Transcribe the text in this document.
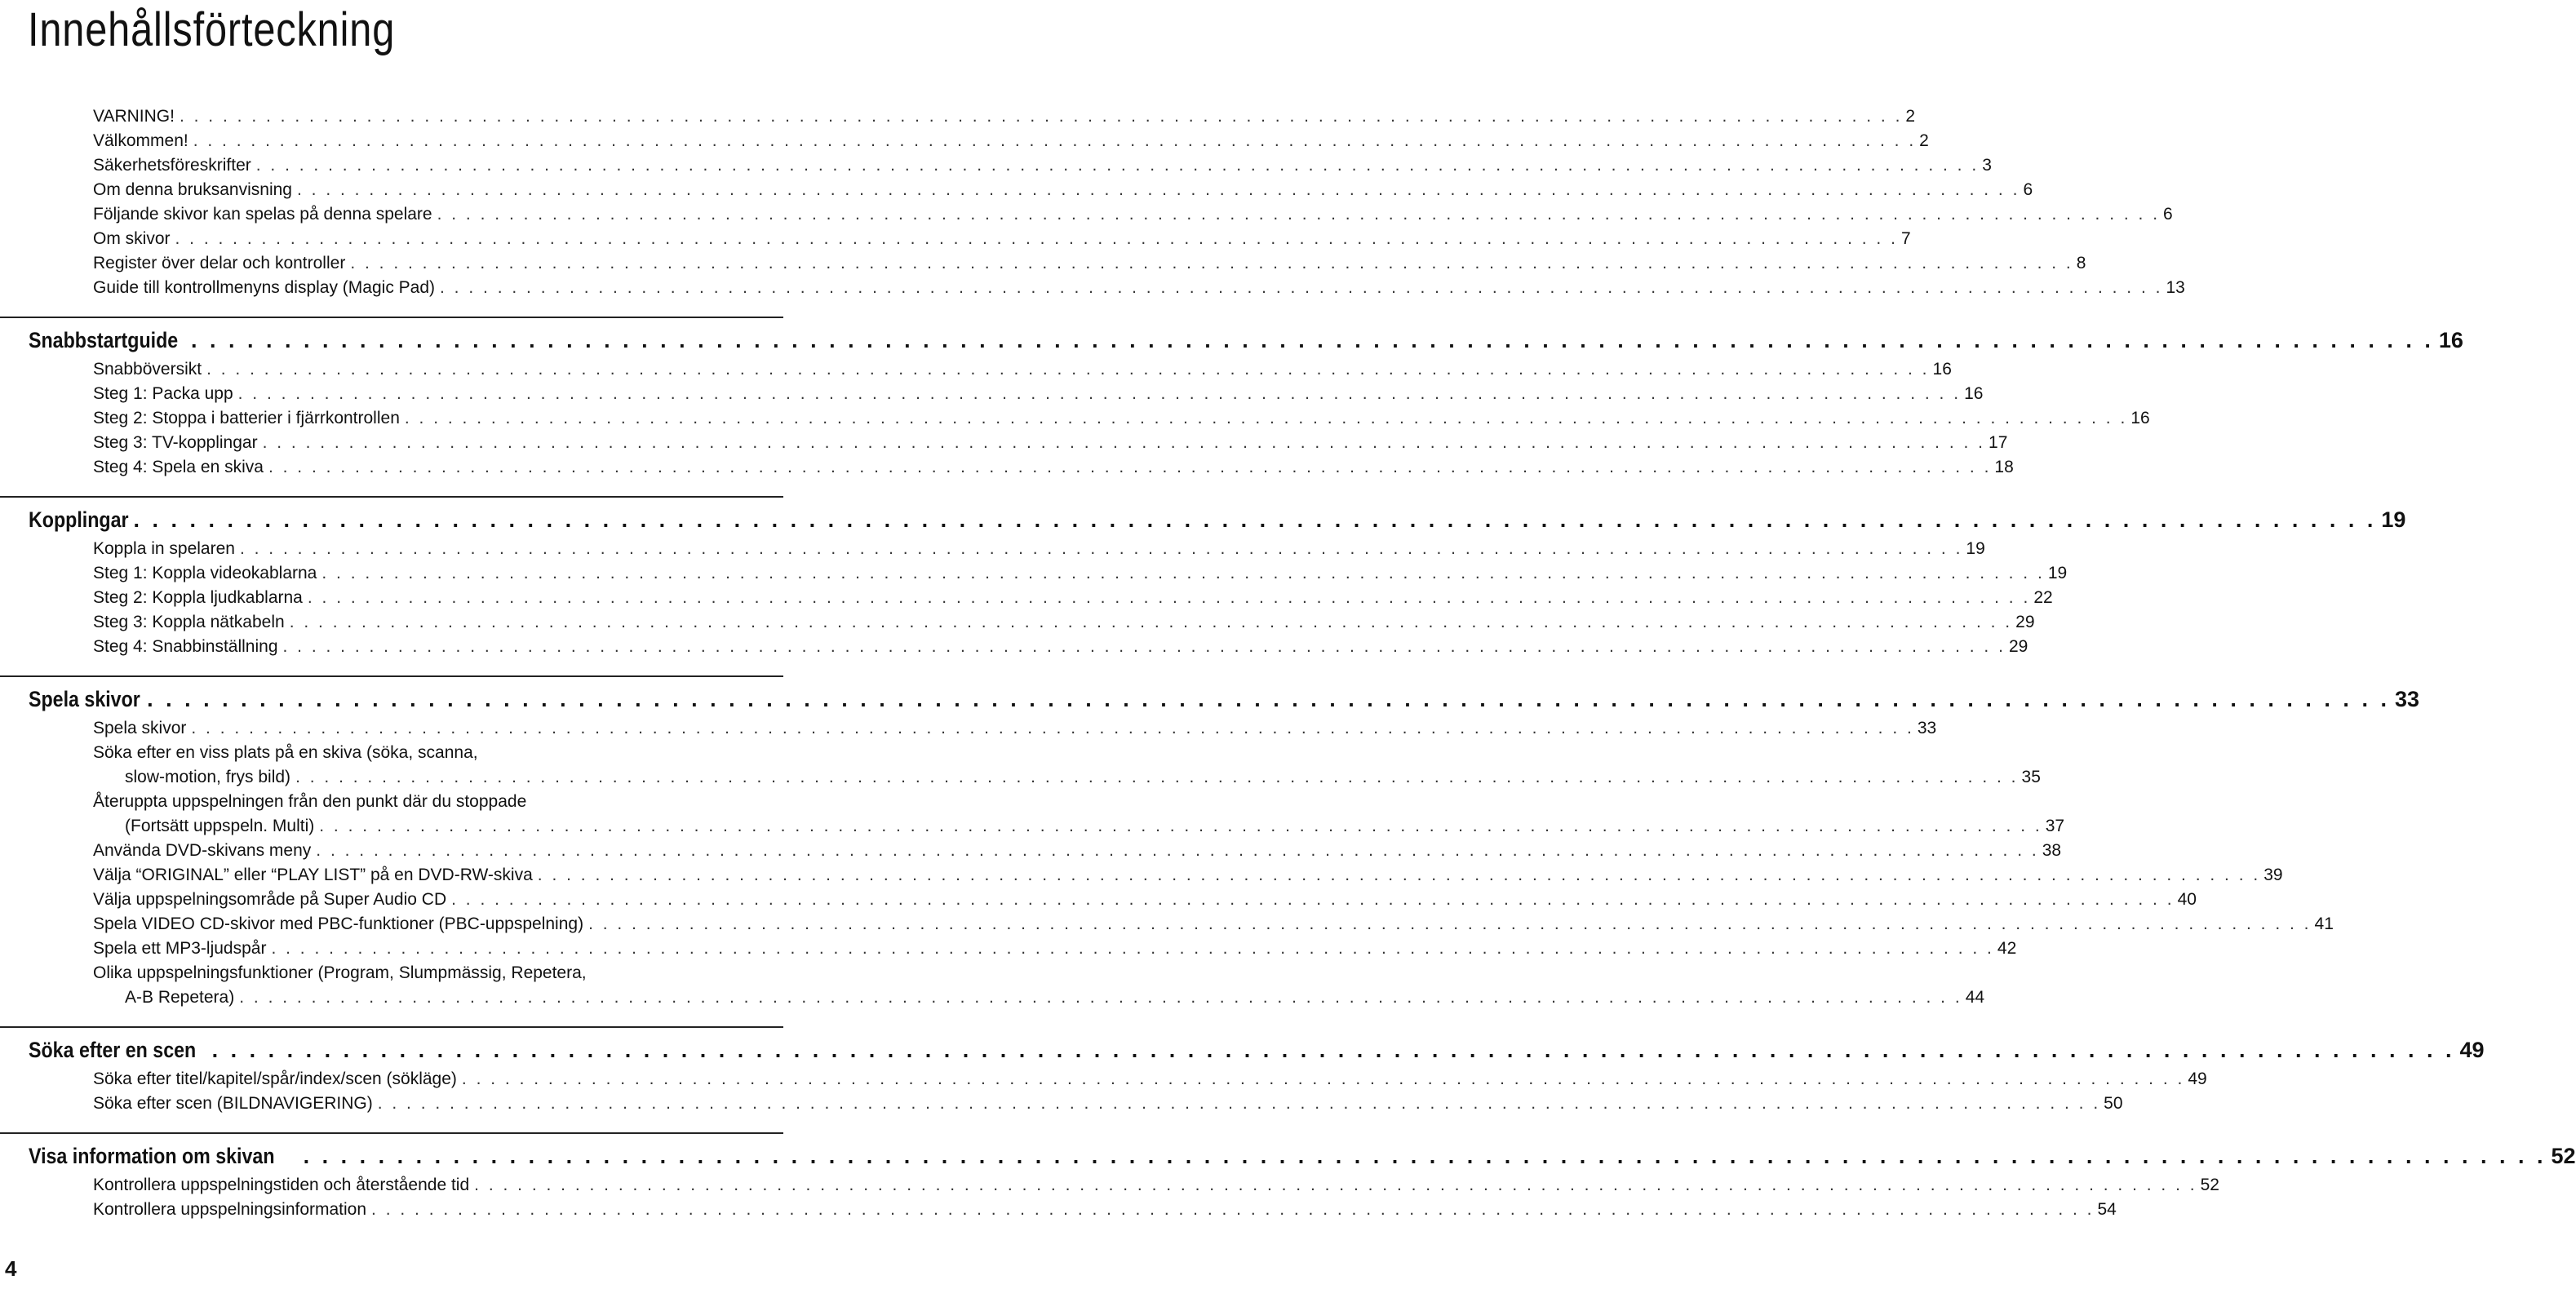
Innehållsförteckning
VARNING! . . . . . . . . . . . . . . . . . . . . . . . . . . . . . . . . . . . . . . . . . . . . . . . . . . . . . . . . . . . . . . . . . . . . . . . . . . . . . . . . . . . . . . . . . . . . . . . . . . . . . . . . . . . . . . . . . . . . . . . . 2
Välkommen! . . . . . . . . . . . . . . . . . . . . . . . . . . . . . . . . . . . . . . . . . . . . . . . . . . . . . . . . . . . . . . . . . . . . . . . . . . . . . . . . . . . . . . . . . . . . . . . . . . . . . . . . . . . . . . . . . . . . . . . . 2
Säkerhetsföreskrifter . . . . . . . . . . . . . . . . . . . . . . . . . . . . . . . . . . . . . . . . . . . . . . . . . . . . . . . . . . . . . . . . . . . . . . . . . . . . . . . . . . . . . . . . . . . . . . . . . . . . . . . . . . . . . . . . . . . . . . . . 3
Om denna bruksanvisning . . . . . . . . . . . . . . . . . . . . . . . . . . . . . . . . . . . . . . . . . . . . . . . . . . . . . . . . . . . . . . . . . . . . . . . . . . . . . . . . . . . . . . . . . . . . . . . . . . . . . . . . . . . . . . . . . . . . . . . . 6
Följande skivor kan spelas på denna spelare . . . . . . . . . . . . . . . . . . . . . . . . . . . . . . . . . . . . . . . . . . . . . . . . . . . . . . . . . . . . . . . . . . . . . . . . . . . . . . . . . . . . . . . . . . . . . . . . . . . . . . . . . . . . . . . . . . . . . . . . 6
Om skivor . . . . . . . . . . . . . . . . . . . . . . . . . . . . . . . . . . . . . . . . . . . . . . . . . . . . . . . . . . . . . . . . . . . . . . . . . . . . . . . . . . . . . . . . . . . . . . . . . . . . . . . . . . . . . . . . . . . . . . . . 7
Register över delar och kontroller . . . . . . . . . . . . . . . . . . . . . . . . . . . . . . . . . . . . . . . . . . . . . . . . . . . . . . . . . . . . . . . . . . . . . . . . . . . . . . . . . . . . . . . . . . . . . . . . . . . . . . . . . . . . . . . . . . . . . . . . 8
Guide till kontrollmenyns display (Magic Pad) . . . . . . . . . . . . . . . . . . . . . . . . . . . . . . . . . . . . . . . . . . . . . . . . . . . . . . . . . . . . . . . . . . . . . . . . . . . . . . . . . . . . . . . . . . . . . . . . . . . . . . . . . . . . . . . . . . . . . . . . 13
Snabbstartguide . . . . . . . . . . . . . . . . . . . . . . . . . . . . . . . . . . . . . . . . . . . . . . . . . . . . . . . . . . . . . . . . . . . . . . . . . . . . . . . . . . . . . . . . . . . . . . . . . . . . . . . . . . . . . . . . . . . . . . . . 16
Snabböversikt . . . . . . . . . . . . . . . . . . . . . . . . . . . . . . . . . . . . . . . . . . . . . . . . . . . . . . . . . . . . . . . . . . . . . . . . . . . . . . . . . . . . . . . . . . . . . . . . . . . . . . . . . . . . . . . . . . . . . . . . 16
Steg 1: Packa upp . . . . . . . . . . . . . . . . . . . . . . . . . . . . . . . . . . . . . . . . . . . . . . . . . . . . . . . . . . . . . . . . . . . . . . . . . . . . . . . . . . . . . . . . . . . . . . . . . . . . . . . . . . . . . . . . . . . . . . . . 16
Steg 2: Stoppa i batterier i fjärrkontrollen . . . . . . . . . . . . . . . . . . . . . . . . . . . . . . . . . . . . . . . . . . . . . . . . . . . . . . . . . . . . . . . . . . . . . . . . . . . . . . . . . . . . . . . . . . . . . . . . . . . . . . . . . . . . . . . . . . . . . . . . 16
Steg 3: TV-kopplingar . . . . . . . . . . . . . . . . . . . . . . . . . . . . . . . . . . . . . . . . . . . . . . . . . . . . . . . . . . . . . . . . . . . . . . . . . . . . . . . . . . . . . . . . . . . . . . . . . . . . . . . . . . . . . . . . . . . . . . . . 17
Steg 4: Spela en skiva . . . . . . . . . . . . . . . . . . . . . . . . . . . . . . . . . . . . . . . . . . . . . . . . . . . . . . . . . . . . . . . . . . . . . . . . . . . . . . . . . . . . . . . . . . . . . . . . . . . . . . . . . . . . . . . . . . . . . . . . 18
Kopplingar . . . . . . . . . . . . . . . . . . . . . . . . . . . . . . . . . . . . . . . . . . . . . . . . . . . . . . . . . . . . . . . . . . . . . . . . . . . . . . . . . . . . . . . . . . . . . . . . . . . . . . . . . . . . . . . . . . . . . . . . 19
Koppla in spelaren . . . . . . . . . . . . . . . . . . . . . . . . . . . . . . . . . . . . . . . . . . . . . . . . . . . . . . . . . . . . . . . . . . . . . . . . . . . . . . . . . . . . . . . . . . . . . . . . . . . . . . . . . . . . . . . . . . . . . . . . 19
Steg 1: Koppla videokablarna . . . . . . . . . . . . . . . . . . . . . . . . . . . . . . . . . . . . . . . . . . . . . . . . . . . . . . . . . . . . . . . . . . . . . . . . . . . . . . . . . . . . . . . . . . . . . . . . . . . . . . . . . . . . . . . . . . . . . . . . 19
Steg 2: Koppla ljudkablarna . . . . . . . . . . . . . . . . . . . . . . . . . . . . . . . . . . . . . . . . . . . . . . . . . . . . . . . . . . . . . . . . . . . . . . . . . . . . . . . . . . . . . . . . . . . . . . . . . . . . . . . . . . . . . . . . . . . . . . . . 22
Steg 3: Koppla nätkabeln . . . . . . . . . . . . . . . . . . . . . . . . . . . . . . . . . . . . . . . . . . . . . . . . . . . . . . . . . . . . . . . . . . . . . . . . . . . . . . . . . . . . . . . . . . . . . . . . . . . . . . . . . . . . . . . . . . . . . . . . 29
Steg 4: Snabbinställning . . . . . . . . . . . . . . . . . . . . . . . . . . . . . . . . . . . . . . . . . . . . . . . . . . . . . . . . . . . . . . . . . . . . . . . . . . . . . . . . . . . . . . . . . . . . . . . . . . . . . . . . . . . . . . . . . . . . . . . . 29
Spela skivor . . . . . . . . . . . . . . . . . . . . . . . . . . . . . . . . . . . . . . . . . . . . . . . . . . . . . . . . . . . . . . . . . . . . . . . . . . . . . . . . . . . . . . . . . . . . . . . . . . . . . . . . . . . . . . . . . . . . . . . . 33
Spela skivor . . . . . . . . . . . . . . . . . . . . . . . . . . . . . . . . . . . . . . . . . . . . . . . . . . . . . . . . . . . . . . . . . . . . . . . . . . . . . . . . . . . . . . . . . . . . . . . . . . . . . . . . . . . . . . . . . . . . . . . . 33
Söka efter en viss plats på en skiva (söka, scanna,
slow-motion, frys bild) . . . . . . . . . . . . . . . . . . . . . . . . . . . . . . . . . . . . . . . . . . . . . . . . . . . . . . . . . . . . . . . . . . . . . . . . . . . . . . . . . . . . . . . . . . . . . . . . . . . . . . . . . . . . . . . . . . . . . . . . 35
Återuppta uppspelningen från den punkt där du stoppade
(Fortsätt uppspeln. Multi) . . . . . . . . . . . . . . . . . . . . . . . . . . . . . . . . . . . . . . . . . . . . . . . . . . . . . . . . . . . . . . . . . . . . . . . . . . . . . . . . . . . . . . . . . . . . . . . . . . . . . . . . . . . . . . . . . . . . . . . . 37
Använda DVD-skivans meny . . . . . . . . . . . . . . . . . . . . . . . . . . . . . . . . . . . . . . . . . . . . . . . . . . . . . . . . . . . . . . . . . . . . . . . . . . . . . . . . . . . . . . . . . . . . . . . . . . . . . . . . . . . . . . . . . . . . . . . . 38
Välja “ORIGINAL” eller “PLAY LIST” på en DVD-RW-skiva . . . . . . . . . . . . . . . . . . . . . . . . . . . . . . . . . . . . . . . . . . . . . . . . . . . . . . . . . . . . . . . . . . . . . . . . . . . . . . . . . . . . . . . . . . . . . . . . . . . . . . . . . . . . . . . . . . . . . . . . 39
Välja uppspelningsområde på Super Audio CD . . . . . . . . . . . . . . . . . . . . . . . . . . . . . . . . . . . . . . . . . . . . . . . . . . . . . . . . . . . . . . . . . . . . . . . . . . . . . . . . . . . . . . . . . . . . . . . . . . . . . . . . . . . . . . . . . . . . . . . . 40
Spela VIDEO CD-skivor med PBC-funktioner (PBC-uppspelning) . . . . . . . . . . . . . . . . . . . . . . . . . . . . . . . . . . . . . . . . . . . . . . . . . . . . . . . . . . . . . . . . . . . . . . . . . . . . . . . . . . . . . . . . . . . . . . . . . . . . . . . . . . . . . . . . . . . . . . . . 41
Spela ett MP3-ljudspår . . . . . . . . . . . . . . . . . . . . . . . . . . . . . . . . . . . . . . . . . . . . . . . . . . . . . . . . . . . . . . . . . . . . . . . . . . . . . . . . . . . . . . . . . . . . . . . . . . . . . . . . . . . . . . . . . . . . . . . . 42
Olika uppspelningsfunktioner (Program, Slumpmässig, Repetera,
A-B Repetera) . . . . . . . . . . . . . . . . . . . . . . . . . . . . . . . . . . . . . . . . . . . . . . . . . . . . . . . . . . . . . . . . . . . . . . . . . . . . . . . . . . . . . . . . . . . . . . . . . . . . . . . . . . . . . . . . . . . . . . . . 44
Söka efter en scen . . . . . . . . . . . . . . . . . . . . . . . . . . . . . . . . . . . . . . . . . . . . . . . . . . . . . . . . . . . . . . . . . . . . . . . . . . . . . . . . . . . . . . . . . . . . . . . . . . . . . . . . . . . . . . . . . . . . . . . . 49
Söka efter titel/kapitel/spår/index/scen (sökläge) . . . . . . . . . . . . . . . . . . . . . . . . . . . . . . . . . . . . . . . . . . . . . . . . . . . . . . . . . . . . . . . . . . . . . . . . . . . . . . . . . . . . . . . . . . . . . . . . . . . . . . . . . . . . . . . . . . . . . . . . 49
Söka efter scen (BILDNAVIGERING) . . . . . . . . . . . . . . . . . . . . . . . . . . . . . . . . . . . . . . . . . . . . . . . . . . . . . . . . . . . . . . . . . . . . . . . . . . . . . . . . . . . . . . . . . . . . . . . . . . . . . . . . . . . . . . . . . . . . . . . . 50
Visa information om skivan . . . . . . . . . . . . . . . . . . . . . . . . . . . . . . . . . . . . . . . . . . . . . . . . . . . . . . . . . . . . . . . . . . . . . . . . . . . . . . . . . . . . . . . . . . . . . . . . . . . . . . . . . . . . . . . . . . . . . . . . 52
Kontrollera uppspelningstiden och återstående tid . . . . . . . . . . . . . . . . . . . . . . . . . . . . . . . . . . . . . . . . . . . . . . . . . . . . . . . . . . . . . . . . . . . . . . . . . . . . . . . . . . . . . . . . . . . . . . . . . . . . . . . . . . . . . . . . . . . . . . . . 52
Kontrollera uppspelningsinformation . . . . . . . . . . . . . . . . . . . . . . . . . . . . . . . . . . . . . . . . . . . . . . . . . . . . . . . . . . . . . . . . . . . . . . . . . . . . . . . . . . . . . . . . . . . . . . . . . . . . . . . . . . . . . . . . . . . . . . . . 54
4
